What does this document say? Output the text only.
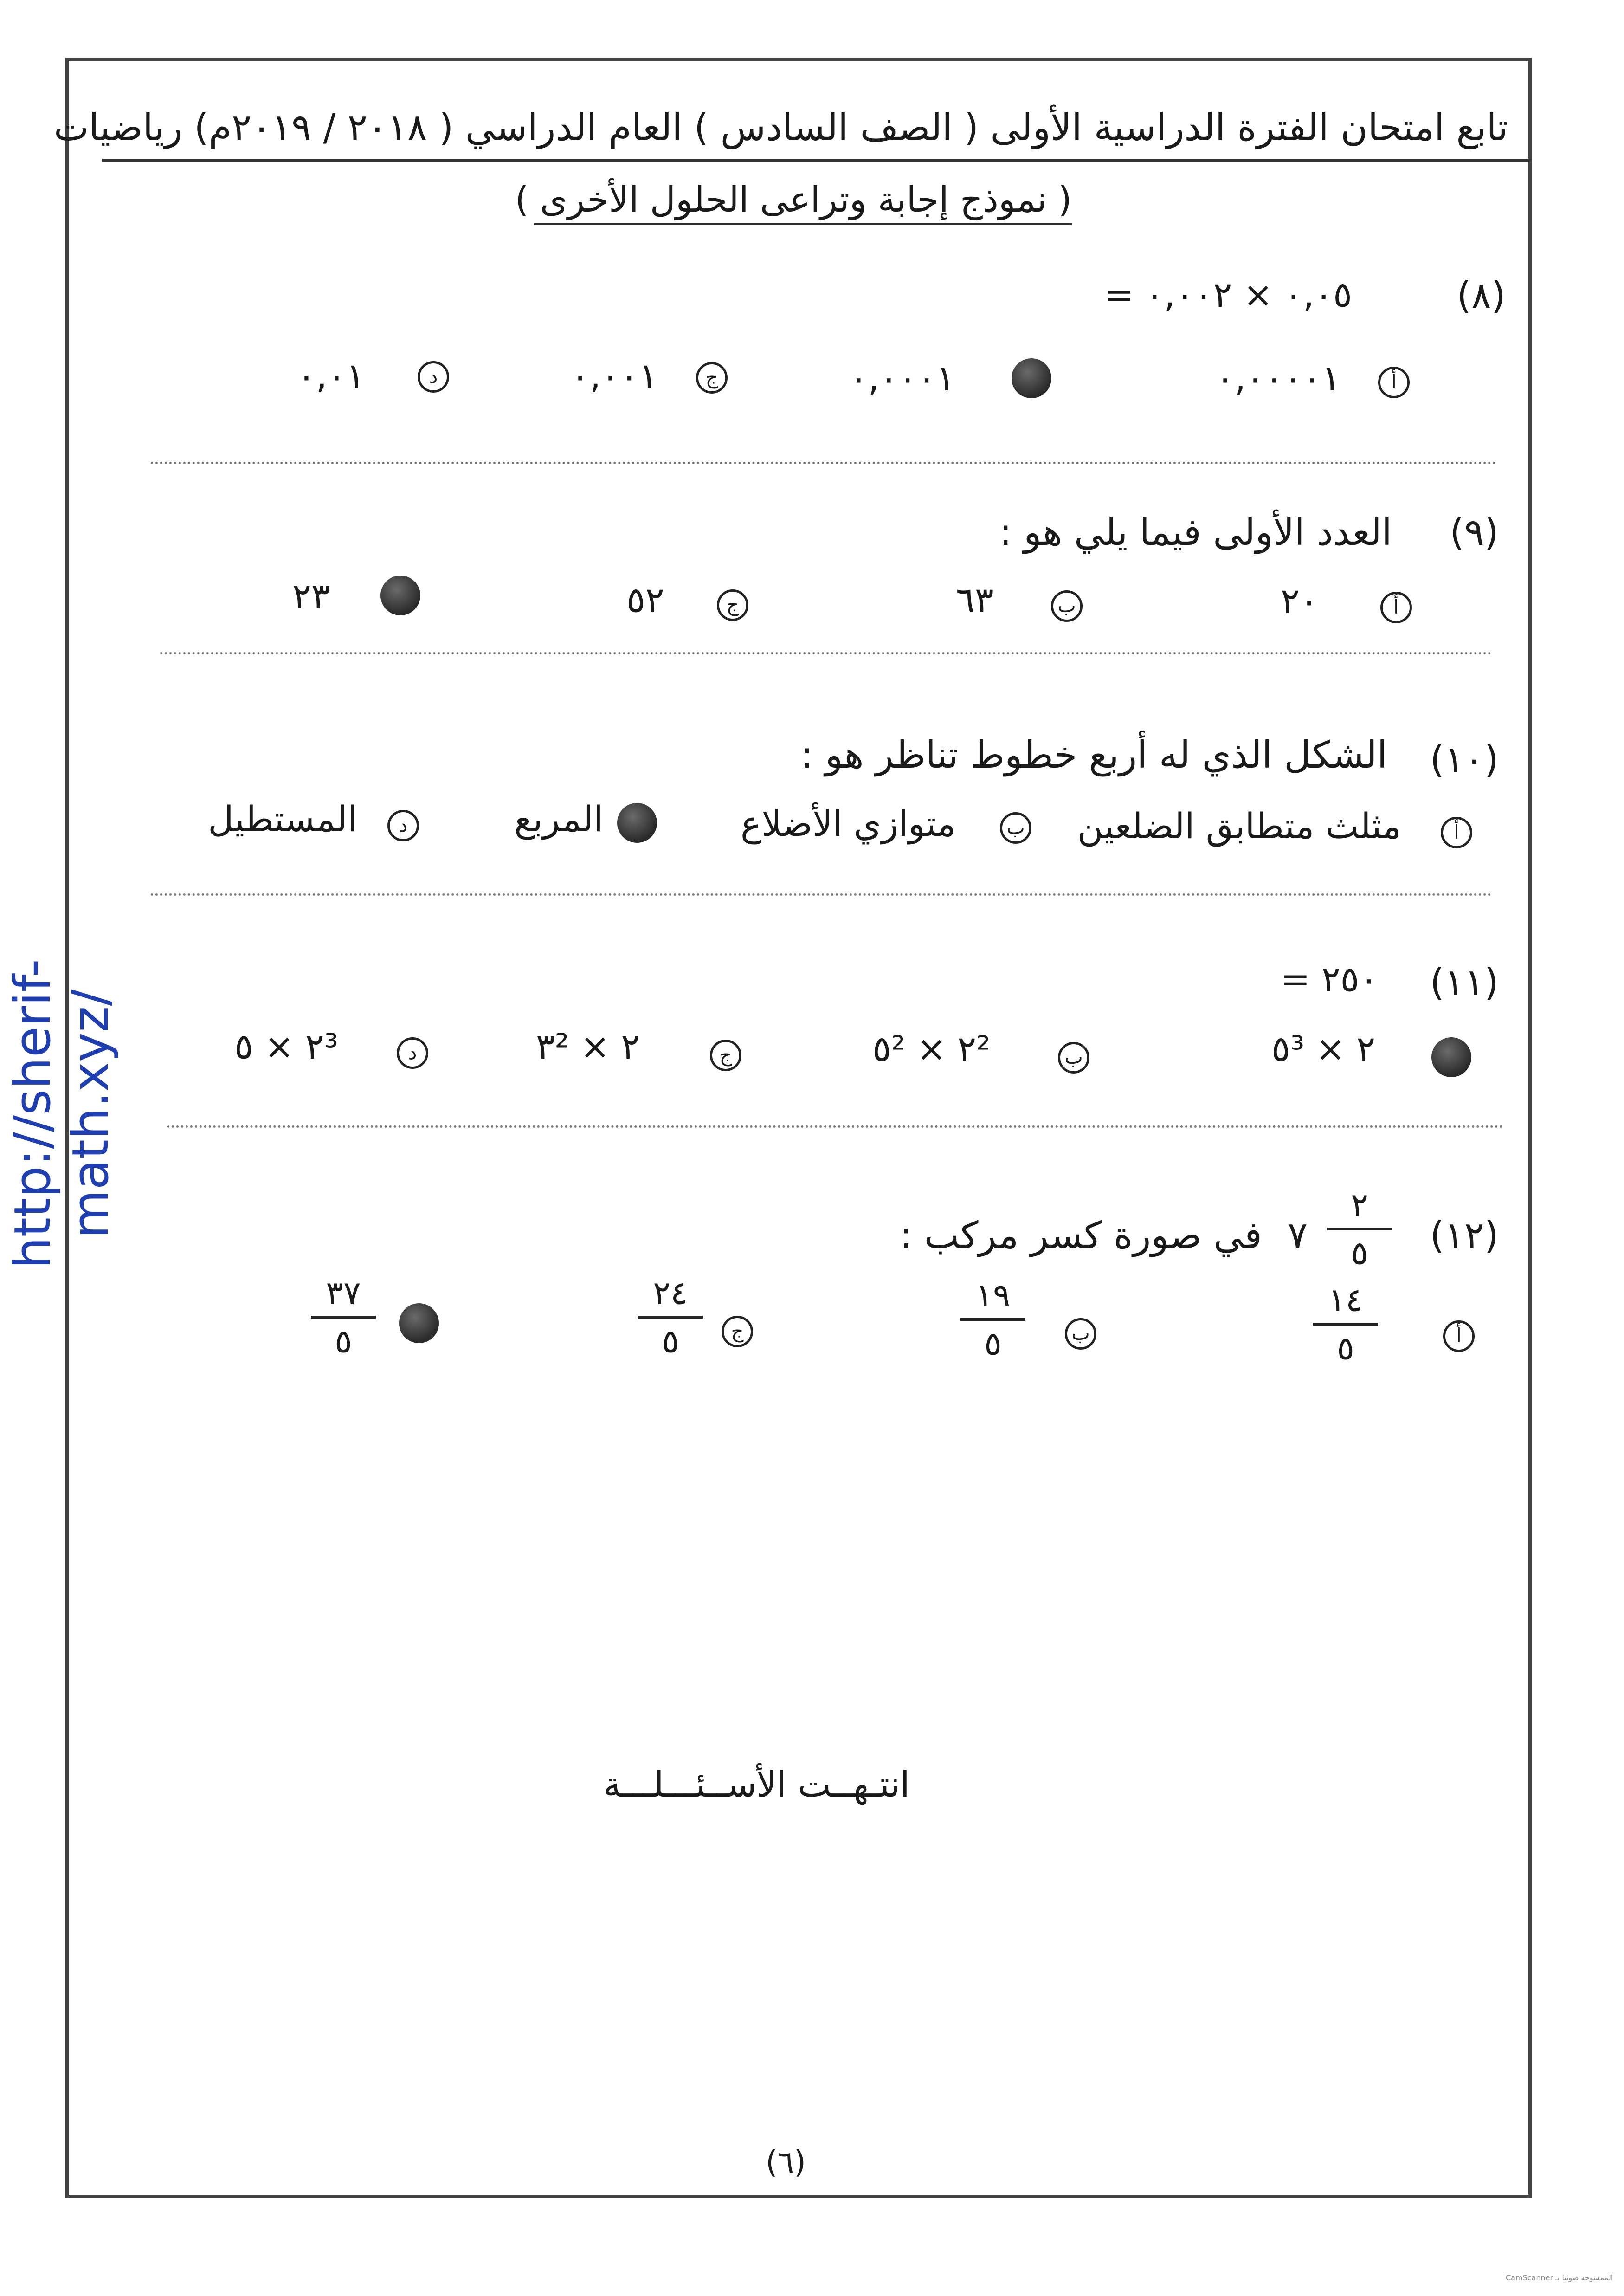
http://sherif-math.xyz/
تابع امتحان الفترة الدراسية الأولى ( الصف السادس ) العام الدراسي ( ٢٠١٨ / ٢٠١٩م) رياضيات
( نموذج إجابة وتراعى الحلول الأخرى )
(٨)
٠,٠٥ × ٠,٠٠٢ =
أ
٠,٠٠٠٠١
٠,٠٠٠١
ج
٠,٠٠١
د
٠,٠١
(٩)
العدد الأولى فيما يلي هو :
أ
٢٠
ب
٦٣
ج
٥٢
٢٣
(١٠)
الشكل الذي له أربع خطوط تناظر هو :
أ
مثلث متطابق الضلعين
ب
متوازي الأضلاع
المربع
د
المستطيل
(١١)
٢٥٠ =
٢ × ٥³
ب
٢² × ٥²
ج
٢ × ٣²
د
٢³ × ٥
(١٢)
٢
٥
٧
في صورة كسر مركب :
أ
١٤
٥
ب
١٩
٥
ج
٢٤
٥
٣٧
٥
انتـهــت الأســئـــلـــة
(٦)
CamScanner الممسوحة ضوئيا بـ
